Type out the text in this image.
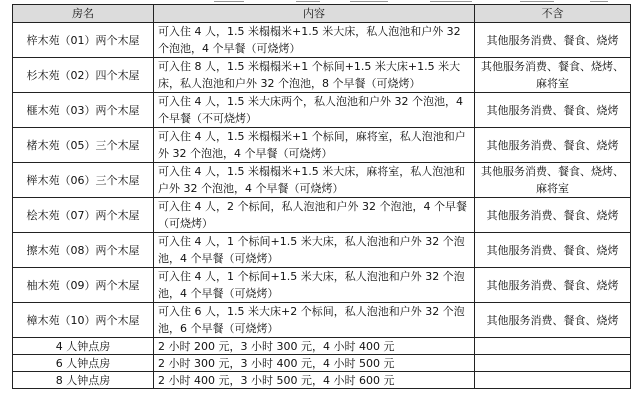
房名	内容	不含
梓木苑（01）两个木屋	可入住 4 人，1.5 米榻榻米+1.5 米大床，私人泡池和户外 32 个泡池，4 个早餐（可烧烤）	其他服务消费、餐食、烧烤
杉木苑（02）四个木屋	可入住 8 人，1.5 米榻榻米+1 个标间+1.5 米大床+1.5 米大床，私人泡池和户外 32 个泡池，8 个早餐（可烧烤）	其他服务消费、餐食、烧烤、麻将室
榧木苑（03）两个木屋	可入住 4 人，1.5 米大床两个，私人泡池和户外 32 个泡池，4 个早餐（不可烧烤）	其他服务消费、餐食、烧烤
楮木苑（05）三个木屋	可入住 4 人，1.5 米榻榻米+1 个标间，麻将室，私人泡池和户外 32 个泡池，4 个早餐（可烧烤）	其他服务消费、餐食、烧烤
榉木苑（06）三个木屋	可入住 4 人，1.5 米榻榻米+1.5 米大床，麻将室，私人泡池和户外 32 个泡池，4 个早餐（可烧烤）	其他服务消费、餐食、烧烤、麻将室
桧木苑（07）两个木屋	可入住 4 人，2 个标间，私人泡池和户外 32 个泡池，4 个早餐（可烧烤）	其他服务消费、餐食、烧烤
擦木苑（08）两个木屋	可入住 4 人，1 个标间+1.5 米大床，私人泡池和户外 32 个泡池，4 个早餐（可烧烤）	其他服务消费、餐食、烧烤
柚木苑（09）两个木屋	可入住 4 人，1 个标间+1.5 米大床，私人泡池和户外 32 个泡池，4 个早餐（可烧烤）	其他服务消费、餐食、烧烤
樟木苑（10）两个木屋	可入住 6 人，1.5 米大床+2 个标间，私人泡池和户外 32 个泡池，6 个早餐（可烧烤）	其他服务消费、餐食、烧烤
4 人钟点房	2 小时 200 元，3 小时 300 元，4 小时 400 元	
6 人钟点房	2 小时 300 元，3 小时 400 元，4 小时 500 元	
8 人钟点房	2 小时 400 元，3 小时 500 元，4 小时 600 元	
